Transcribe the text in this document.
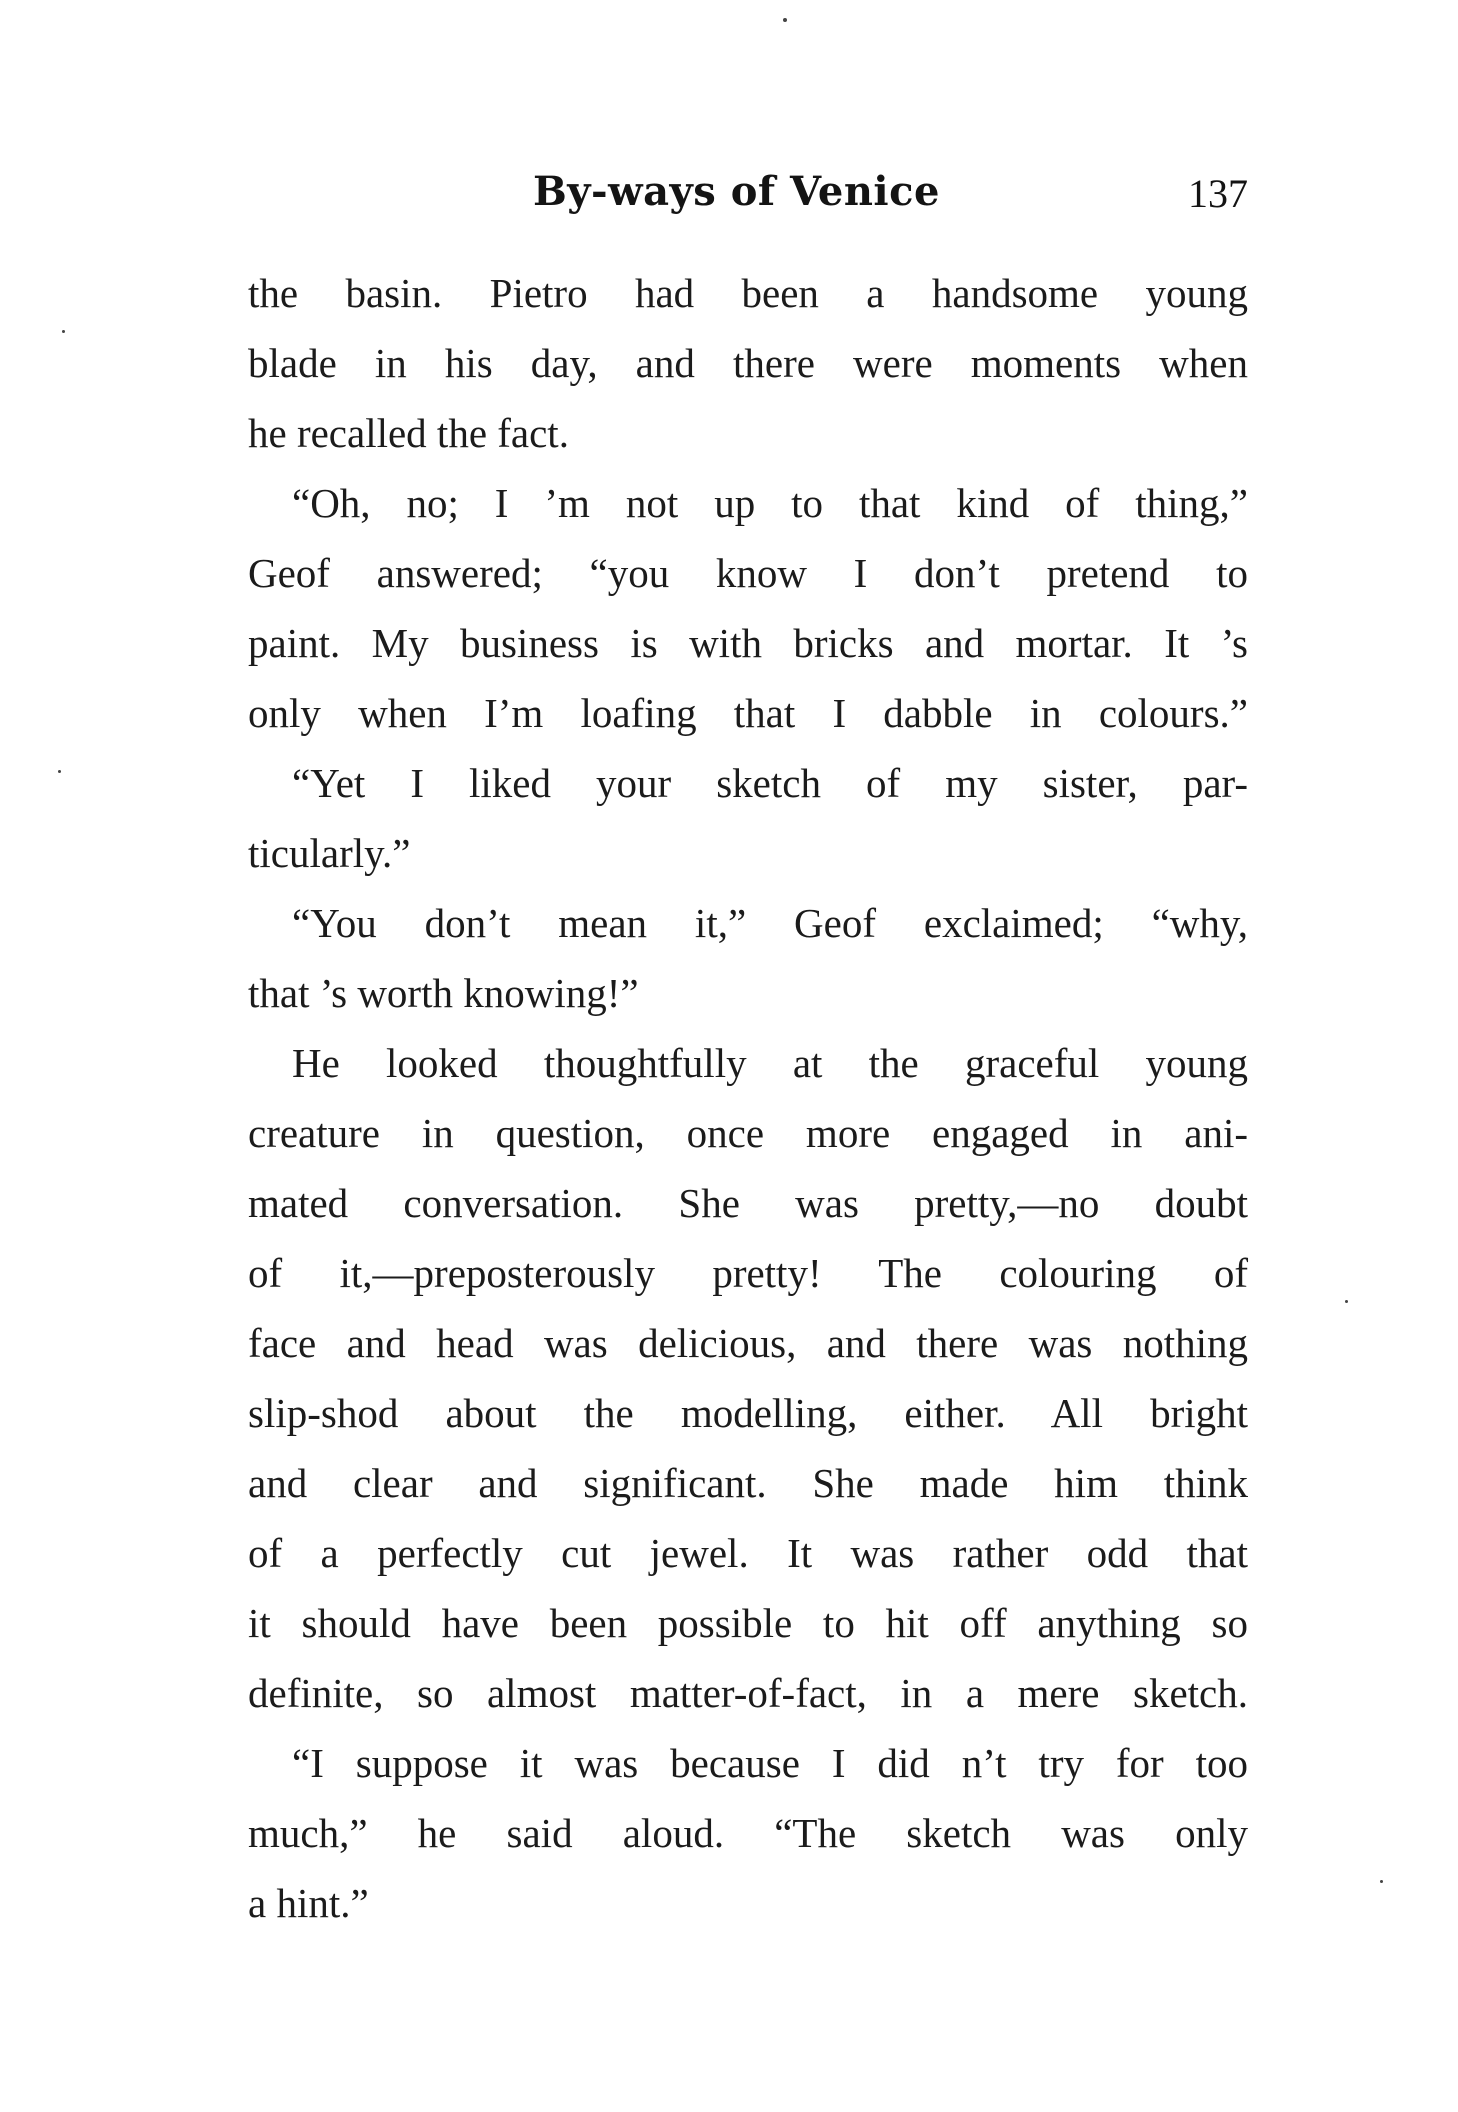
By-ways of Venice	137
the basin. Pietro had been a handsome young
blade in his day, and there were moments when
he recalled the fact.
“Oh, no; I ’m not up to that kind of thing,”
Geof answered; “you know I don’t pretend to
paint. My business is with bricks and mortar. It ’s
only when I’m loafing that I dabble in colours.”
“Yet I liked your sketch of my sister, par-
ticularly.”
“You don’t mean it,” Geof exclaimed; “why,
that ’s worth knowing!”
He looked thoughtfully at the graceful young
creature in question, once more engaged in ani-
mated conversation. She was pretty,—no doubt
of it,—preposterously pretty! The colouring of
face and head was delicious, and there was nothing
slip-shod about the modelling, either. All bright
and clear and significant. She made him think
of a perfectly cut jewel. It was rather odd that
it should have been possible to hit off anything so
definite, so almost matter-of-fact, in a mere sketch.
“I suppose it was because I did n’t try for too
much,” he said aloud. “The sketch was only
a hint.”
